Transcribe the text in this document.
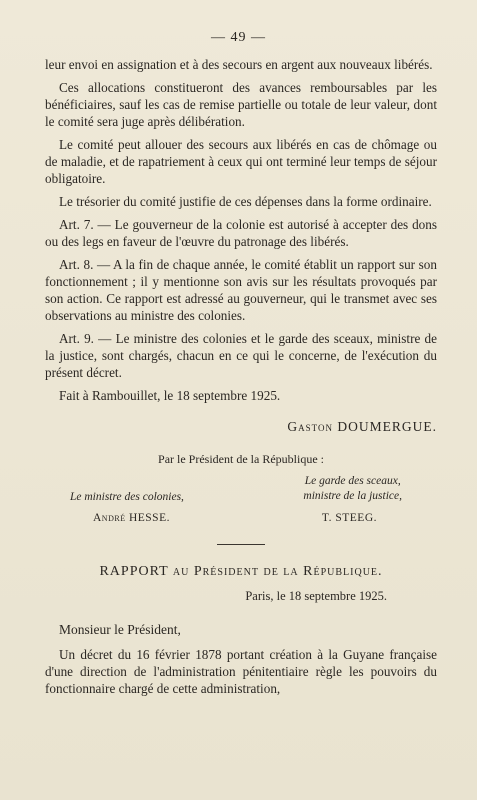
— 49 —

leur envoi en assignation et à des secours en argent aux nouveaux libérés.

Ces allocations constitueront des avances remboursables par les bénéficiaires, sauf les cas de remise partielle ou totale de leur valeur, dont le comité sera juge après délibération.

Le comité peut allouer des secours aux libérés en cas de chômage ou de maladie, et de rapatriement à ceux qui ont terminé leur temps de séjour obligatoire.

Le trésorier du comité justifie de ces dépenses dans la forme ordinaire.

Art. 7. — Le gouverneur de la colonie est autorisé à accepter des dons ou des legs en faveur de l'œuvre du patronage des libérés.

Art. 8. — A la fin de chaque année, le comité établit un rapport sur son fonctionnement ; il y mentionne son avis sur les résultats provoqués par son action. Ce rapport est adressé au gouverneur, qui le transmet avec ses observations au ministre des colonies.

Art. 9. — Le ministre des colonies et le garde des sceaux, ministre de la justice, sont chargés, chacun en ce qui le concerne, de l'exécution du présent décret.

Fait à Rambouillet, le 18 septembre 1925.
Gaston DOUMERGUE.
Par le Président de la République :
Le garde des sceaux,
ministre de la justice,
Le ministre des colonies,
André HESSE.	T. STEEG.
RAPPORT au Président de la République.
Paris, le 18 septembre 1925.
Monsieur le Président,

Un décret du 16 février 1878 portant création à la Guyane française d'une direction de l'administration pénitentiaire règle les pouvoirs du fonctionnaire chargé de cette administration,
